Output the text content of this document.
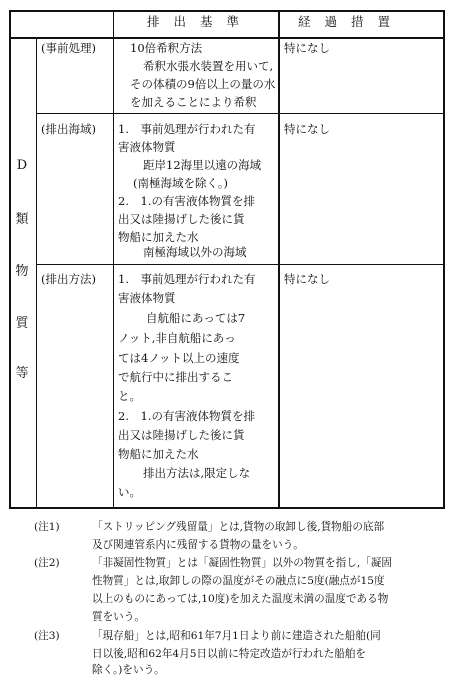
排出基準	経過措置
D
類
物
質
等
(事前処理)	10倍希釈方法
希釈水張水装置を用いて,
その体積の9倍以上の量の水
を加えることにより希釈
特になし
(排出海域) 1.　事前処理が行われた有
害液体物質
距岸12海里以遠の海域
(南極海域を除く。)
2.　1.の有害液体物質を排
出又は陸揚げした後に貨
物船に加えた水
南極海域以外の海域
特になし
(排出方法) 1.　事前処理が行われた有
害液体物質
自航船にあっては7
ノット,非自航船にあっ
ては4ノット以上の速度
で航行中に排出するこ
と。
2.　1.の有害液体物質を排
出又は陸揚げした後に貨
物船に加えた水
排出方法は,限定しな
い。
特になし
(注1)	「ストリッピング残留量」とは,貨物の取卸し後,貨物船の底部
及び関連管系内に残留する貨物の量をいう。
(注2)	「非凝固性物質」とは「凝固性物質」以外の物質を指し,「凝固
性物質」とは,取卸しの際の温度がその融点に5度(融点が15度
以上のものにあっては,10度)を加えた温度未満の温度である物
質をいう。
(注3)	「現存船」とは,昭和61年7月1日より前に建造された船舶(同
日以後,昭和62年4月5日以前に特定改造が行われた船舶を
除く。)をいう。
